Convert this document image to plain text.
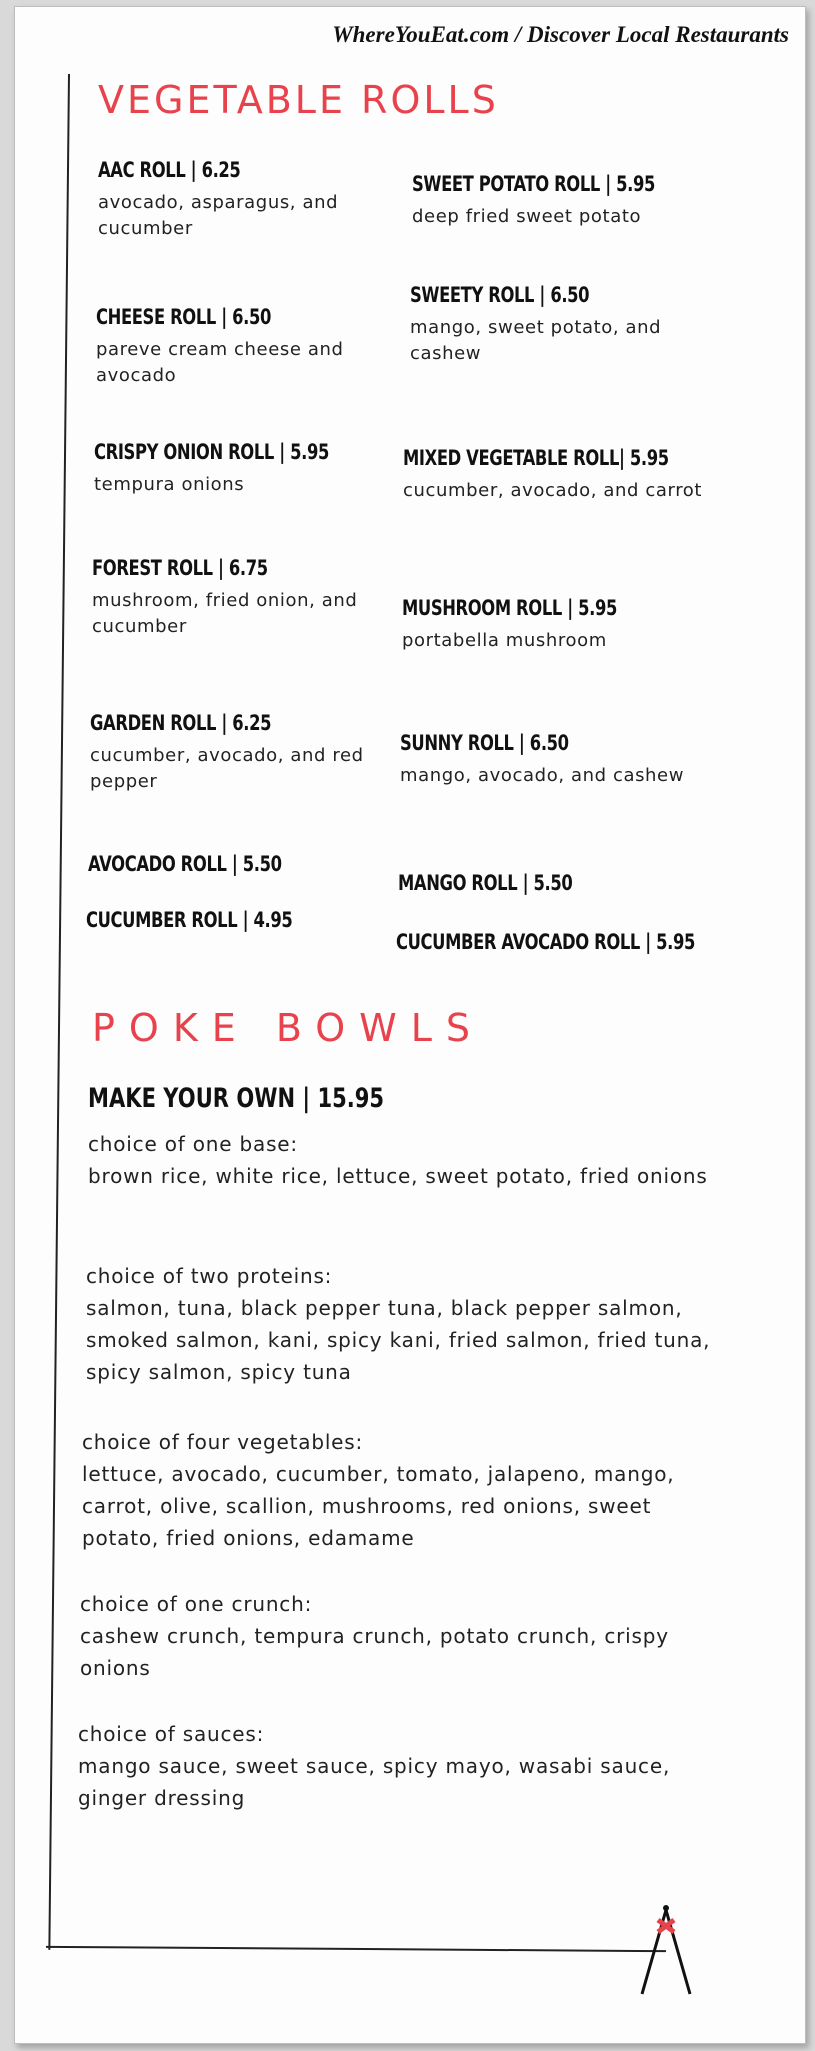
WhereYouEat.com / Discover Local Restaurants
VEGETABLE ROLLS
AAC ROLL | 6.25
avocado, asparagus, and cucumber
CHEESE ROLL | 6.50
pareve cream cheese and avocado
CRISPY ONION ROLL | 5.95
tempura onions
FOREST ROLL | 6.75
mushroom, fried onion, and cucumber
GARDEN ROLL | 6.25
cucumber, avocado, and red pepper
AVOCADO ROLL | 5.50
CUCUMBER ROLL | 4.95
SWEET POTATO ROLL | 5.95
deep fried sweet potato
SWEETY ROLL | 6.50
mango, sweet potato, and cashew
MIXED VEGETABLE ROLL| 5.95
cucumber, avocado, and carrot
MUSHROOM ROLL | 5.95
portabella mushroom
SUNNY ROLL | 6.50
mango, avocado, and cashew
MANGO ROLL | 5.50
CUCUMBER AVOCADO ROLL | 5.95
POKE BOWLS
MAKE YOUR OWN | 15.95
choice of one base:
brown rice, white rice, lettuce, sweet potato, fried onions
choice of two proteins:
salmon, tuna, black pepper tuna, black pepper salmon, smoked salmon, kani, spicy kani, fried salmon, fried tuna, spicy salmon, spicy tuna
choice of four vegetables:
lettuce, avocado, cucumber, tomato, jalapeno, mango, carrot, olive, scallion, mushrooms, red onions, sweet potato, fried onions, edamame
choice of one crunch:
cashew crunch, tempura crunch, potato crunch, crispy onions
choice of sauces:
mango sauce, sweet sauce, spicy mayo, wasabi sauce, ginger dressing
